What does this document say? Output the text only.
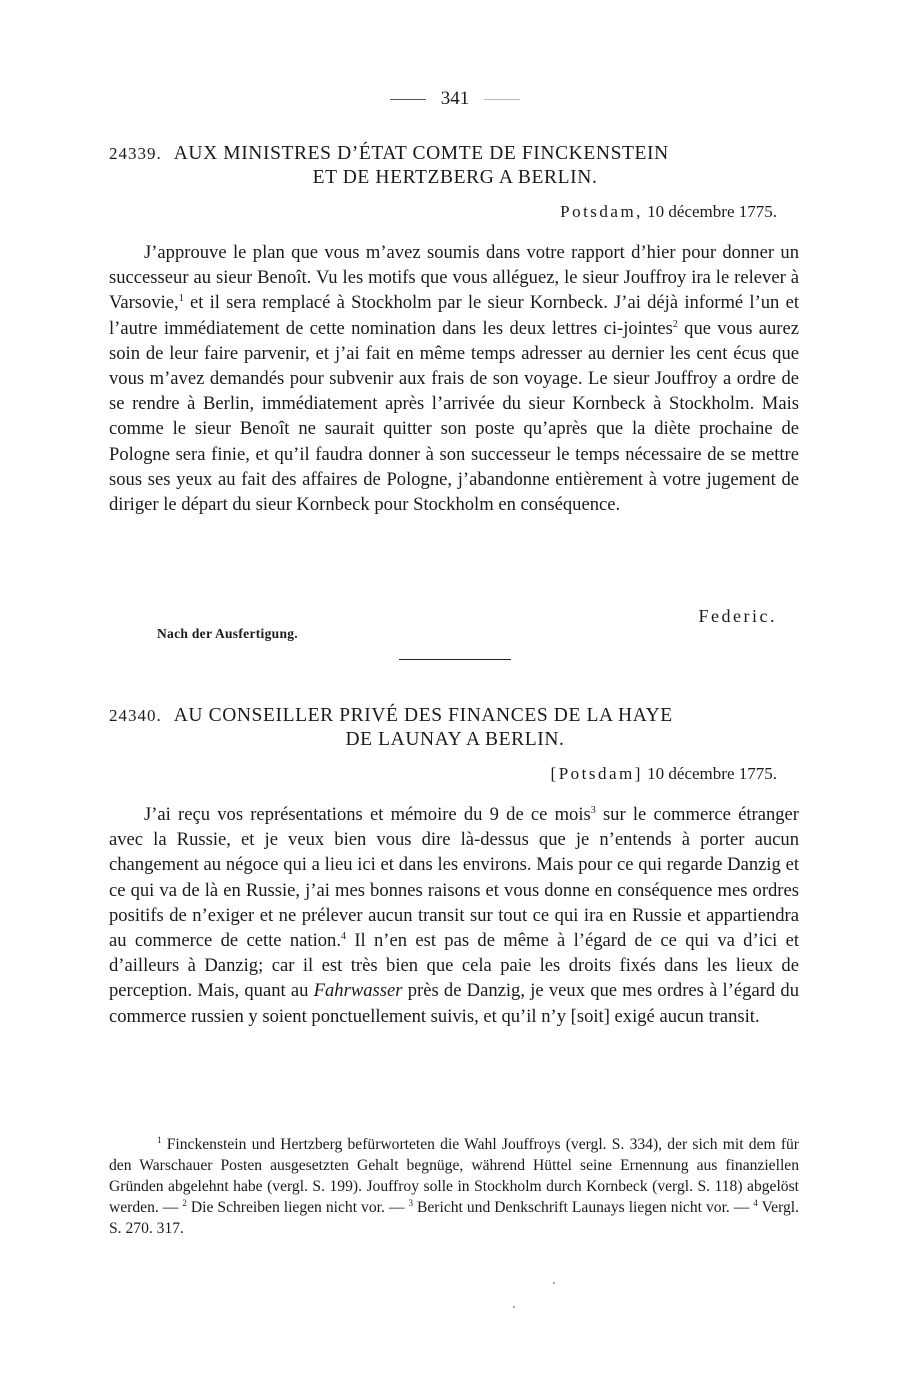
341
24339. AUX MINISTRES D’ÉTAT COMTE DE FINCKENSTEIN
ET DE HERTZBERG A BERLIN.
Potsdam, 10 décembre 1775.

J’approuve le plan que vous m’avez soumis dans votre rapport d’hier pour donner un successeur au sieur Benoît. Vu les motifs que vous alléguez, le sieur Jouffroy ira le relever à Varsovie,$^1$ et il sera remplacé à Stockholm par le sieur Kornbeck. J’ai déjà informé l’un et l’autre immédiatement de cette nomination dans les deux lettres ci-jointes$^2$ que vous aurez soin de leur faire parvenir, et j’ai fait en même temps adresser au dernier les cent écus que vous m’avez demandés pour subvenir aux frais de son voyage. Le sieur Jouffroy a ordre de se rendre à Berlin, immédiatement après l’arrivée du sieur Kornbeck à Stockholm. Mais comme le sieur Benoît ne saurait quitter son poste qu’après que la diète prochaine de Pologne sera finie, et qu’il faudra donner à son successeur le temps nécessaire de se mettre sous ses yeux au fait des affaires de Pologne, j’abandonne entièrement à votre jugement de diriger le départ du sieur Kornbeck pour Stockholm en conséquence.

Federic.
Nach der Ausfertigung.
24340. AU CONSEILLER PRIVÉ DES FINANCES DE LA HAYE
DE LAUNAY A BERLIN.
[Potsdam] 10 décembre 1775.

J’ai reçu vos représentations et mémoire du 9 de ce mois$^3$ sur le commerce étranger avec la Russie, et je veux bien vous dire là-dessus que je n’entends à porter aucun changement au négoce qui a lieu ici et dans les environs. Mais pour ce qui regarde Danzig et ce qui va de là en Russie, j’ai mes bonnes raisons et vous donne en conséquence mes ordres positifs de n’exiger et ne prélever aucun transit sur tout ce qui ira en Russie et appartiendra au commerce de cette nation.$^4$ Il n’en est pas de même à l’égard de ce qui va d’ici et d’ailleurs à Danzig; car il est très bien que cela paie les droits fixés dans les lieux de perception. Mais, quant au Fahrwasser près de Danzig, je veux que mes ordres à l’égard du commerce russien y soient ponctuellement suivis, et qu’il n’y [soit] exigé aucun transit.

$^1$ Finckenstein und Hertzberg befürworteten die Wahl Jouffroys (vergl. S. 334), der sich mit dem für den Warschauer Posten ausgesetzten Gehalt begnüge, während Hüttel seine Ernennung aus finanziellen Gründen abgelehnt habe (vergl. S. 199). Jouffroy solle in Stockholm durch Kornbeck (vergl. S. 118) abgelöst werden. — $^2$ Die Schreiben liegen nicht vor. — $^3$ Bericht und Denkschrift Launays liegen nicht vor. — $^4$ Vergl. S. 270. 317.
